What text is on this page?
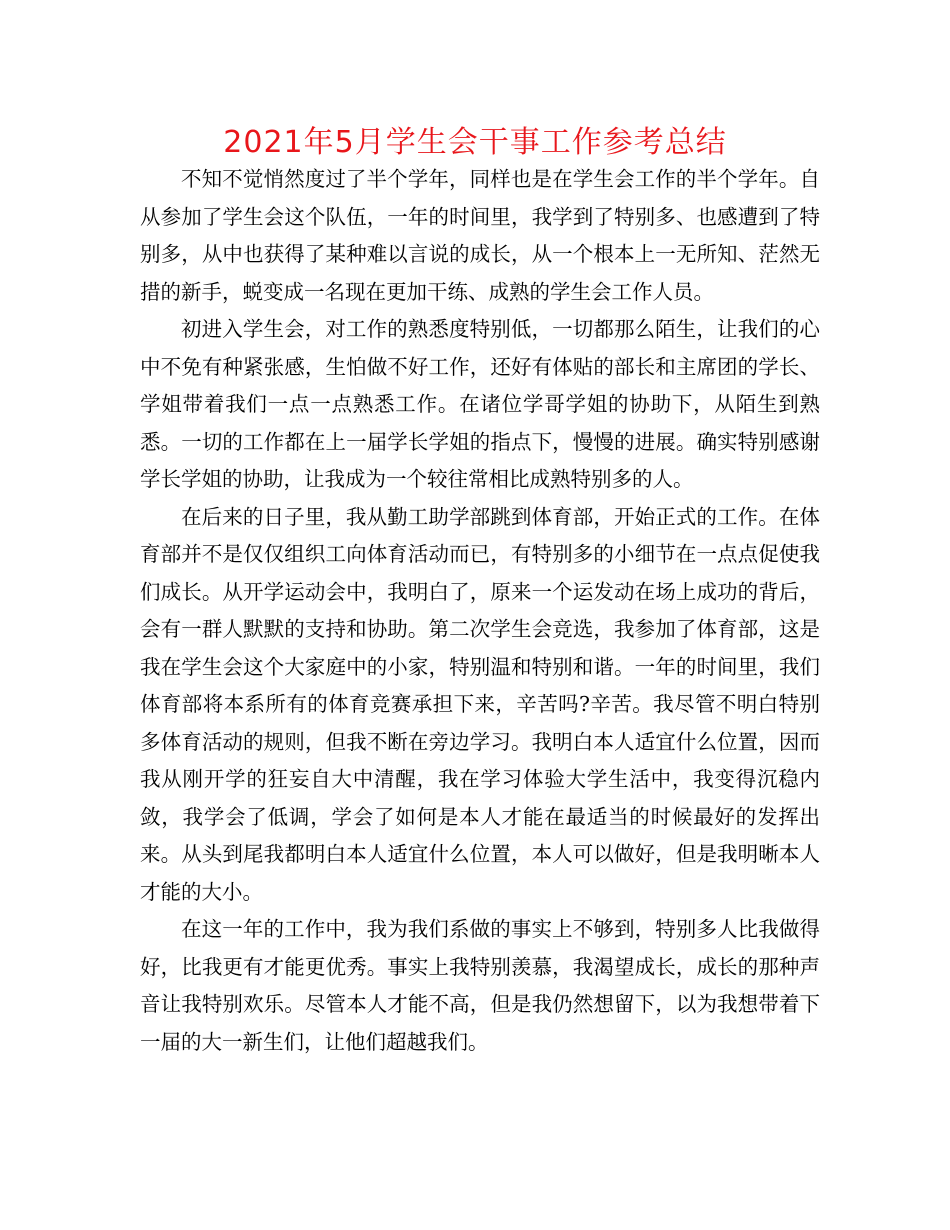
2021年5月学生会干事工作参考总结

不知不觉悄然度过了半个学年，同样也是在学生会工作的半个学年。自从参加了学生会这个队伍，一年的时间里，我学到了特别多、也感遭到了特别多，从中也获得了某种难以言说的成长，从一个根本上一无所知、茫然无措的新手，蜕变成一名现在更加干练、成熟的学生会工作人员。

初进入学生会，对工作的熟悉度特别低，一切都那么陌生，让我们的心中不免有种紧张感，生怕做不好工作，还好有体贴的部长和主席团的学长、学姐带着我们一点一点熟悉工作。在诸位学哥学姐的协助下，从陌生到熟悉。一切的工作都在上一届学长学姐的指点下，慢慢的进展。确实特别感谢学长学姐的协助，让我成为一个较往常相比成熟特别多的人。

在后来的日子里，我从勤工助学部跳到体育部，开始正式的工作。在体育部并不是仅仅组织工向体育活动而已，有特别多的小细节在一点点促使我们成长。从开学运动会中，我明白了，原来一个运发动在场上成功的背后，会有一群人默默的支持和协助。第二次学生会竞选，我参加了体育部，这是我在学生会这个大家庭中的小家，特别温和特别和谐。一年的时间里，我们体育部将本系所有的体育竞赛承担下来，辛苦吗?辛苦。我尽管不明白特别多体育活动的规则，但我不断在旁边学习。我明白本人适宜什么位置，因而我从刚开学的狂妄自大中清醒，我在学习体验大学生活中，我变得沉稳内敛，我学会了低调，学会了如何是本人才能在最适当的时候最好的发挥出来。从头到尾我都明白本人适宜什么位置，本人可以做好，但是我明晰本人才能的大小。

在这一年的工作中，我为我们系做的事实上不够到，特别多人比我做得好，比我更有才能更优秀。事实上我特别羡慕，我渴望成长，成长的那种声音让我特别欢乐。尽管本人才能不高，但是我仍然想留下，以为我想带着下一届的大一新生们，让他们超越我们。
